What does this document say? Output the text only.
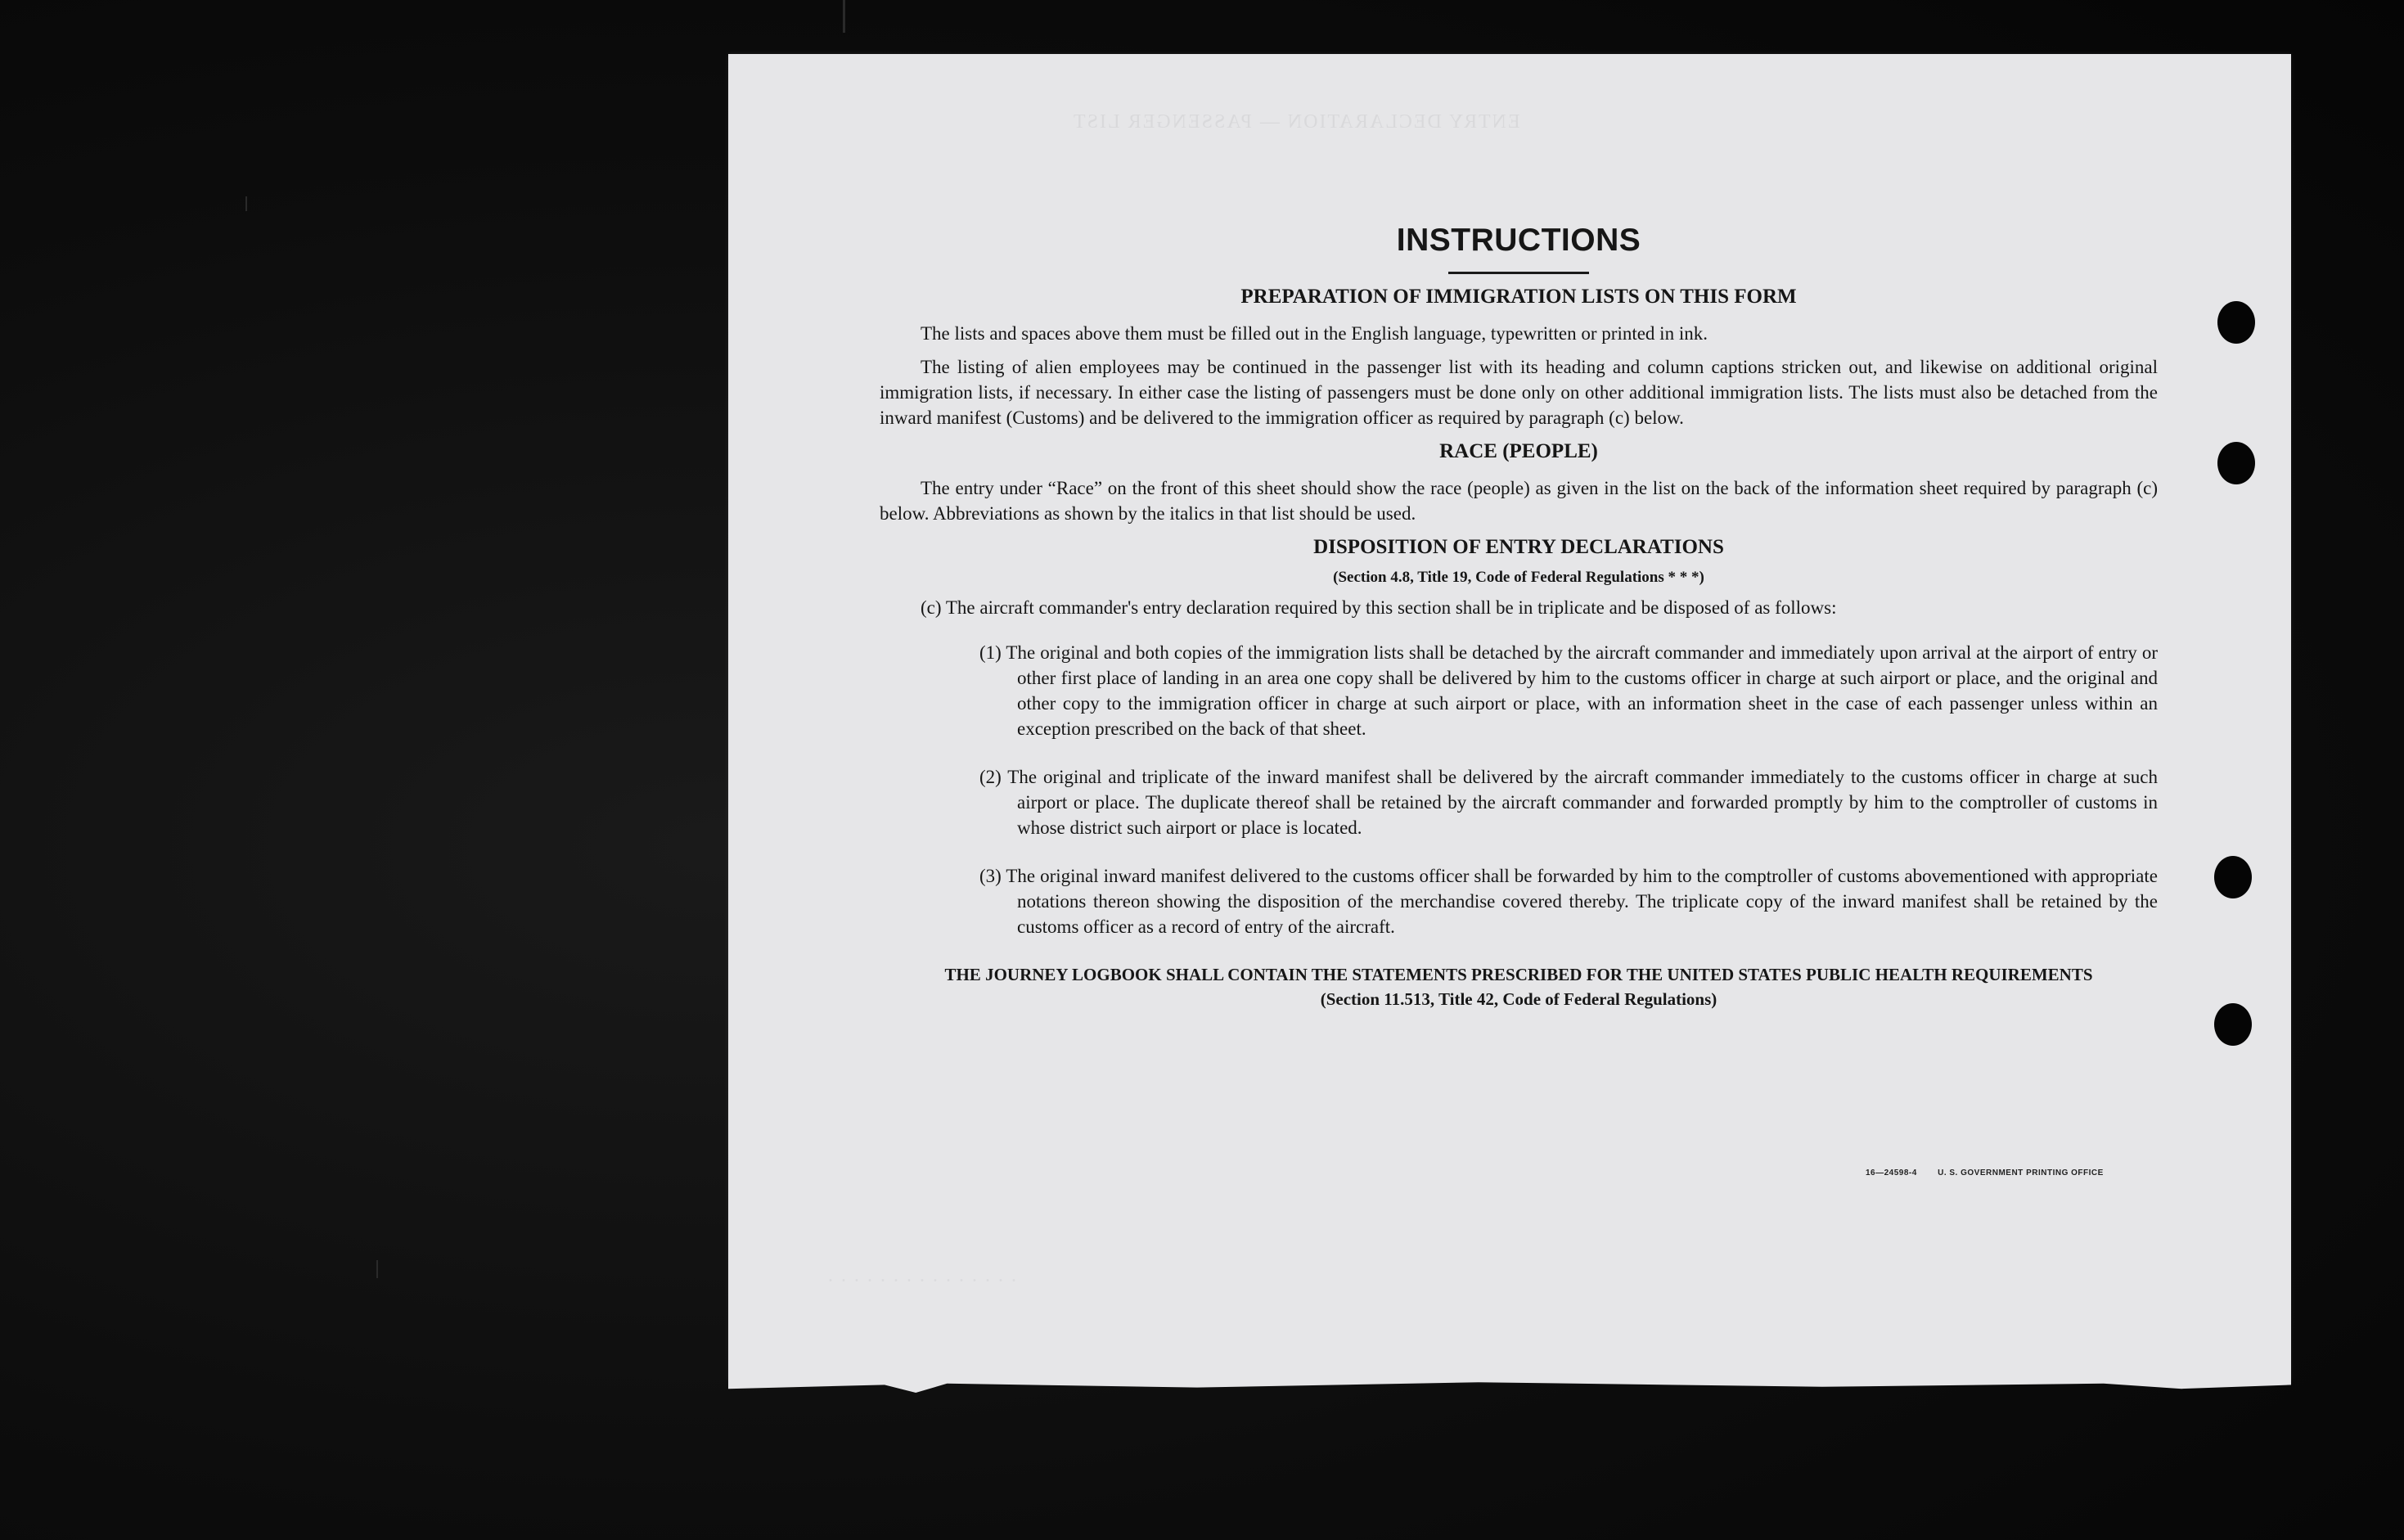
ENTRY DECLARATION — PASSENGER LIST
. . . . . . . . . . . . . . .
INSTRUCTIONS
PREPARATION OF IMMIGRATION LISTS ON THIS FORM

The lists and spaces above them must be filled out in the English language, typewritten or printed in ink.

The listing of alien employees may be continued in the passenger list with its heading and column captions stricken out, and likewise on additional original immigration lists, if necessary. In either case the listing of passengers must be done only on other additional immigration lists. The lists must also be detached from the inward manifest (Customs) and be delivered to the immigration officer as required by paragraph (c) below.

RACE (PEOPLE)

The entry under “Race” on the front of this sheet should show the race (people) as given in the list on the back of the information sheet required by paragraph (c) below. Abbreviations as shown by the italics in that list should be used.

DISPOSITION OF ENTRY DECLARATIONS
(Section 4.8, Title 19, Code of Federal Regulations * * *)

(c) The aircraft commander's entry declaration required by this section shall be in triplicate and be disposed of as follows:

(1) The original and both copies of the immigration lists shall be detached by the aircraft commander and immediately upon arrival at the airport of entry or other first place of landing in an area one copy shall be delivered by him to the customs officer in charge at such airport or place, and the original and other copy to the immigration officer in charge at such airport or place, with an information sheet in the case of each passenger unless within an exception prescribed on the back of that sheet.

(2) The original and triplicate of the inward manifest shall be delivered by the aircraft commander immediately to the customs officer in charge at such airport or place. The duplicate thereof shall be retained by the aircraft commander and forwarded promptly by him to the comptroller of customs in whose district such airport or place is located.

(3) The original inward manifest delivered to the customs officer shall be forwarded by him to the comptroller of customs abovementioned with appropriate notations thereon showing the disposition of the merchandise covered thereby. The triplicate copy of the inward manifest shall be retained by the customs officer as a record of entry of the aircraft.

THE JOURNEY LOGBOOK SHALL CONTAIN THE STATEMENTS PRESCRIBED FOR THE UNITED STATES PUBLIC HEALTH REQUIREMENTS
(Section 11.513, Title 42, Code of Federal Regulations)
16—24598-4	U. S. GOVERNMENT PRINTING OFFICE
